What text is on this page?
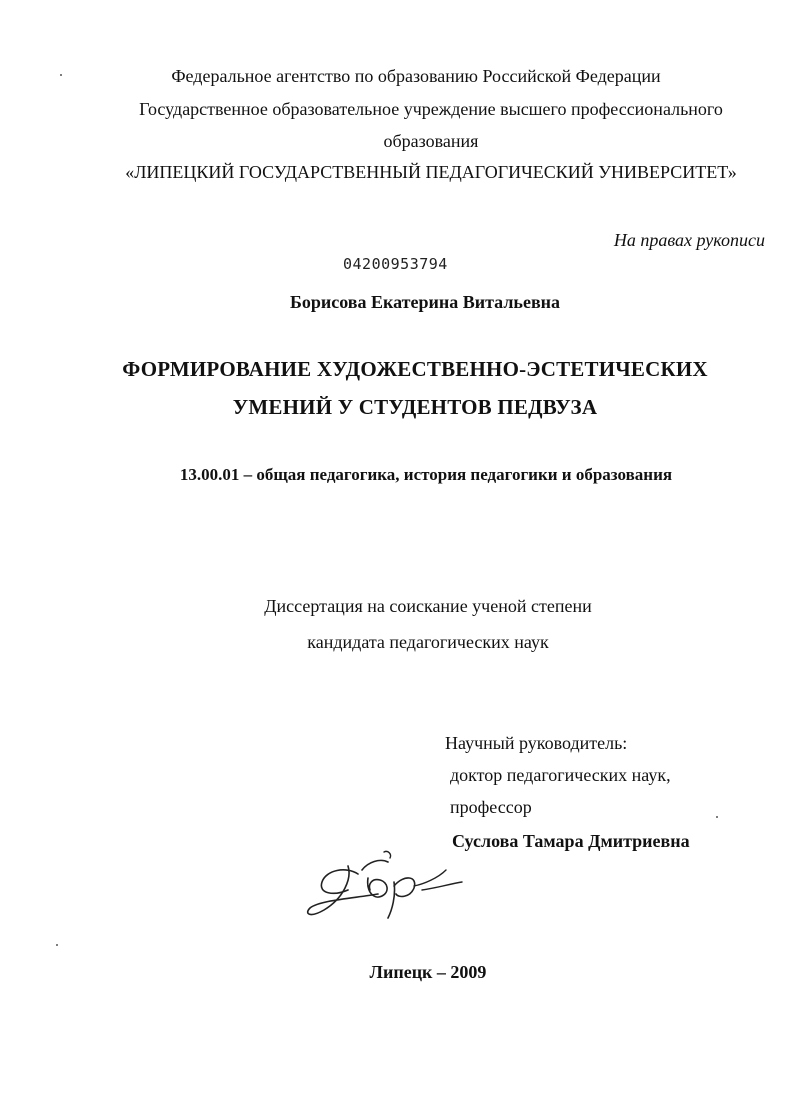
Федеральное агентство по образованию Российской Федерации
Государственное образовательное учреждение высшего профессионального
образования
«ЛИПЕЦКИЙ ГОСУДАРСТВЕННЫЙ ПЕДАГОГИЧЕСКИЙ УНИВЕРСИТЕТ»
На правах рукописи
04200953794
Борисова Екатерина Витальевна
ФОРМИРОВАНИЕ ХУДОЖЕСТВЕННО-ЭСТЕТИЧЕСКИХ
УМЕНИЙ У СТУДЕНТОВ ПЕДВУЗА
13.00.01 – общая педагогика, история педагогики и образования
Диссертация на соискание ученой степени
кандидата педагогических наук
Научный руководитель:
доктор педагогических наук,
профессор
Суслова Тамара Дмитриевна
Липецк – 2009
